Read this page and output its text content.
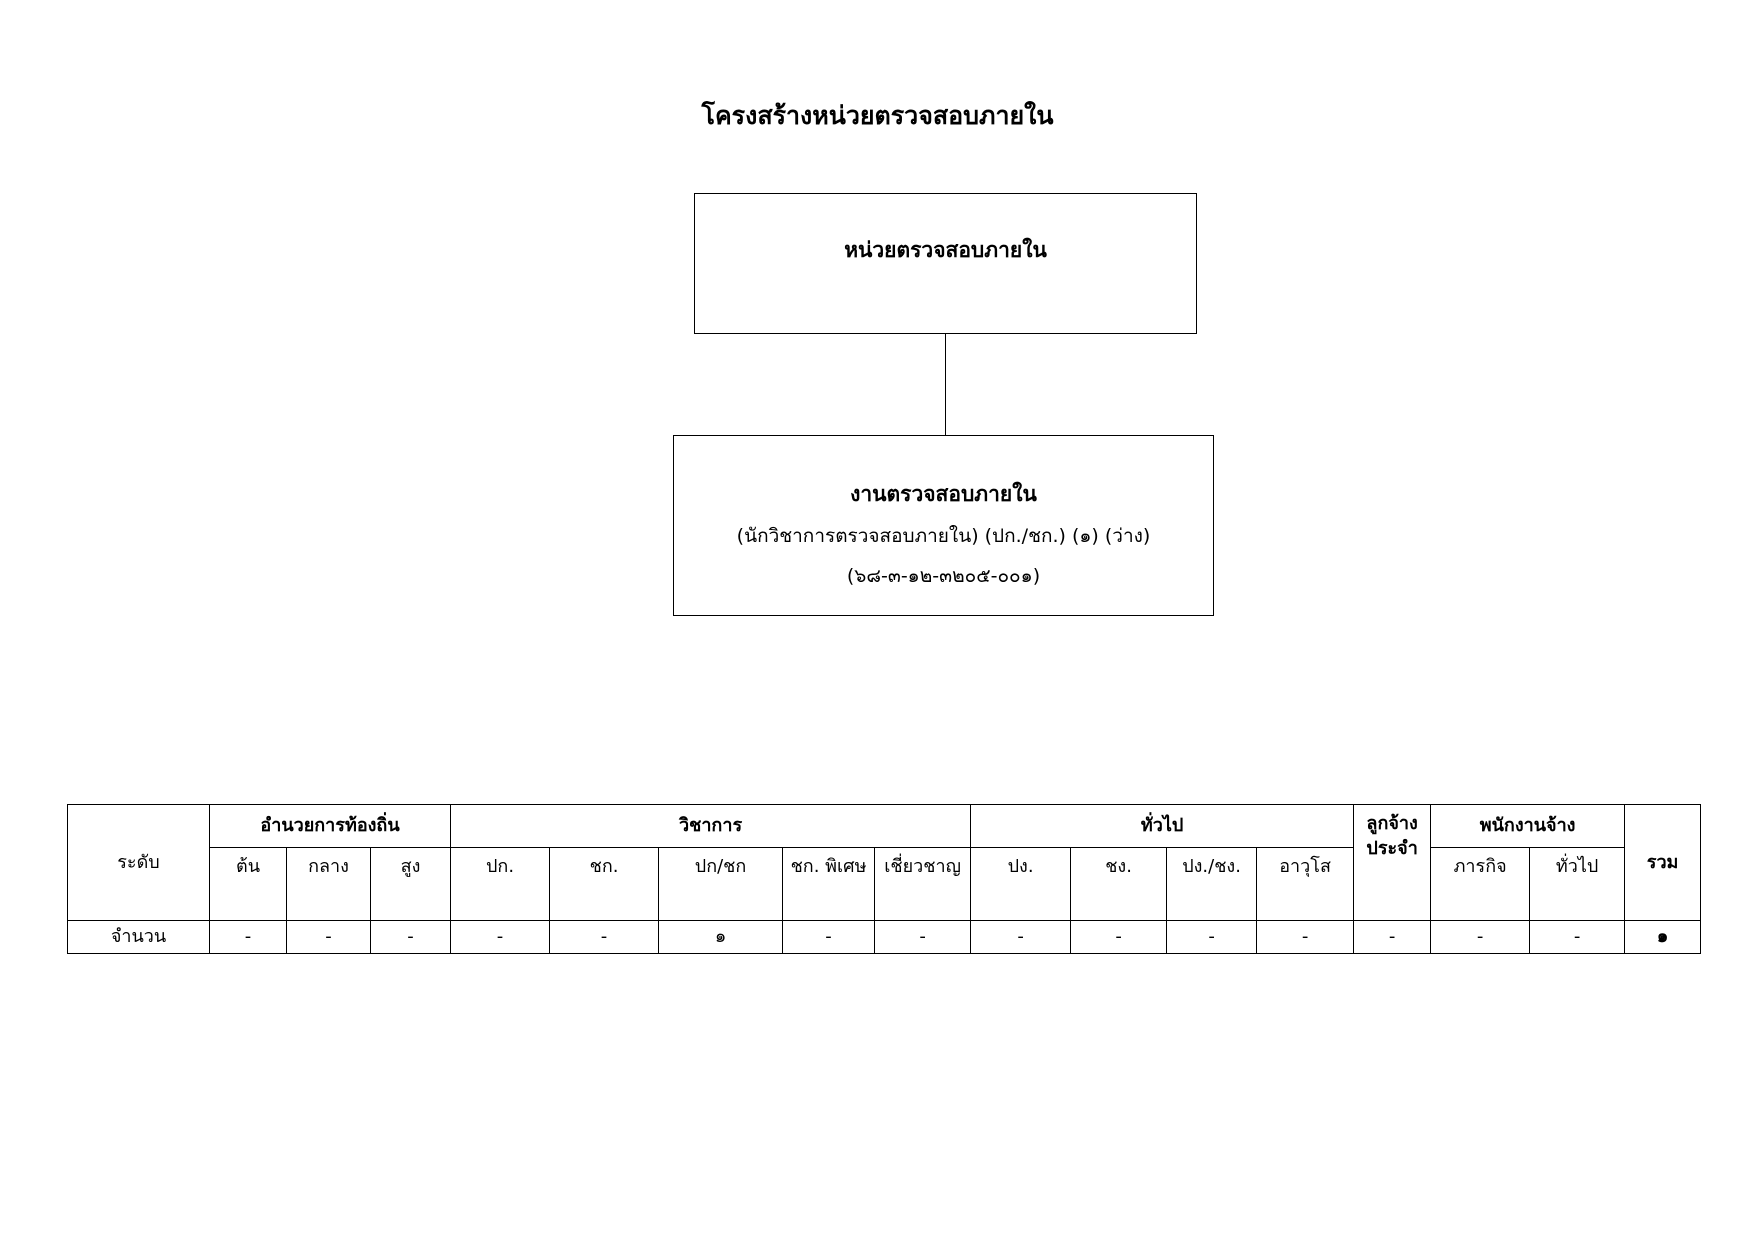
โครงสร้างหน่วยตรวจสอบภายใน
หน่วยตรวจสอบภายใน
งานตรวจสอบภายใน
(นักวิชาการตรวจสอบภายใน) (ปก./ชก.) (๑) (ว่าง)
(๖๘-๓-๑๒-๓๒๐๕-๐๐๑)
ระดับ	อำนวยการท้องถิ่น			วิชาการ					ทั่วไป				ลูกจ้าง ประจำ	พนักงานจ้าง		รวม
	ต้น	กลาง	สูง	ปก.	ชก.	ปก/ชก	ชก. พิเศษ	เชี่ยวชาญ	ปง.	ชง.	ปง./ชง.	อาวุโส		ภารกิจ	ทั่วไป	
จำนวน	-	-	-	-	-	๑	-	-	-	-	-	-	-	-	-	๑
